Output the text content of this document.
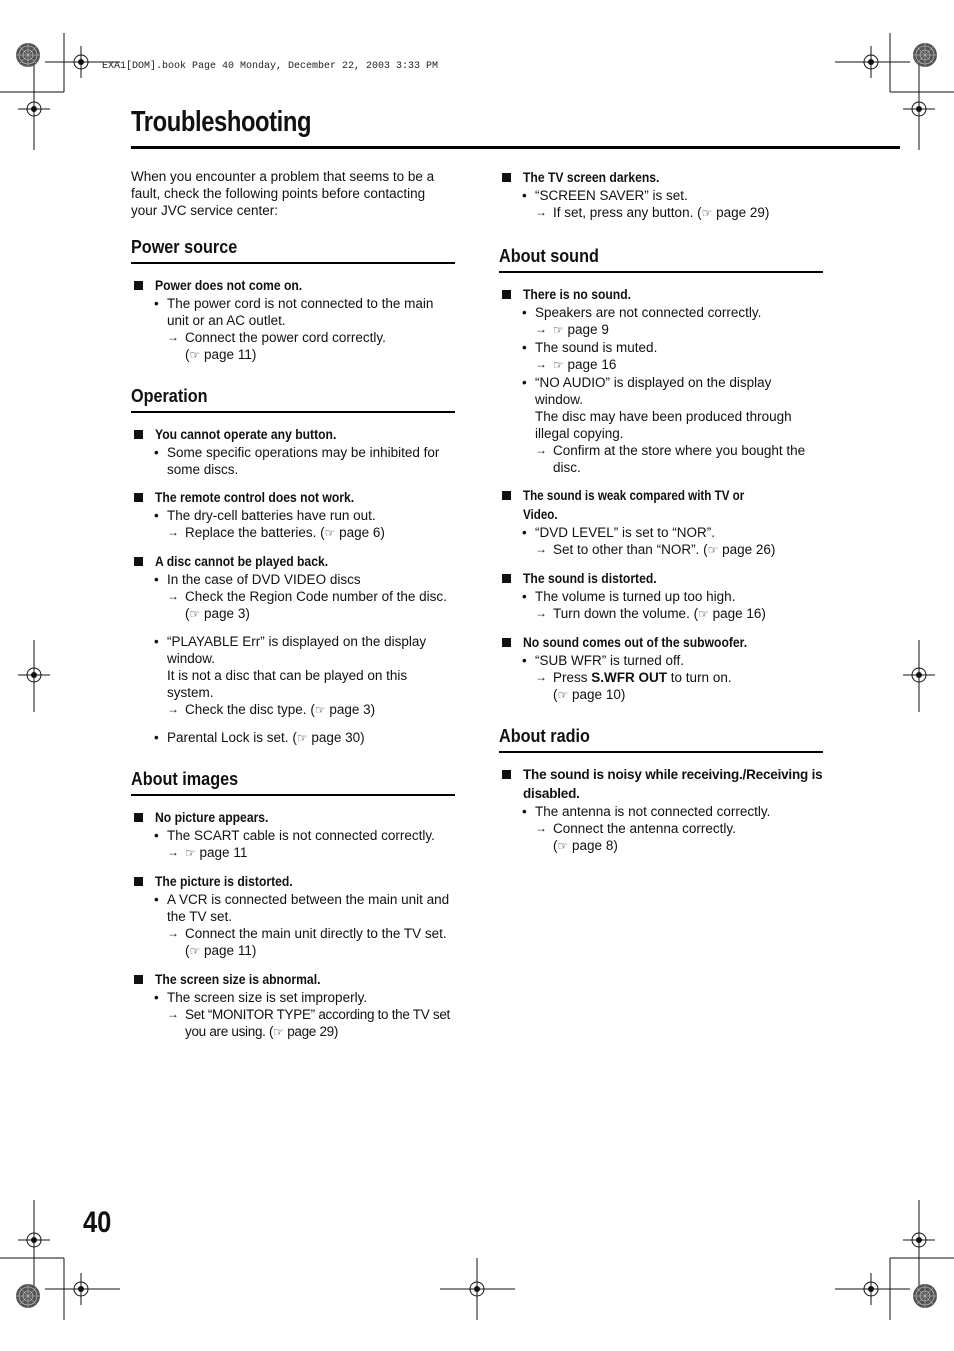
EXA1[DOM].book Page 40 Monday, December 22, 2003 3:33 PM
Troubleshooting

When you encounter a problem that seems to be a fault, check the following points before contacting your JVC service center:

Power source
Power does not come on.
• The power cord is not connected to the main unit or an AC outlet.
→ Connect the power cord correctly.
(☞ page 11)
Operation
You cannot operate any button.
• Some specific operations may be inhibited for some discs.
The remote control does not work.
• The dry-cell batteries have run out.
→ Replace the batteries. (☞ page 6)
A disc cannot be played back.
• In the case of DVD VIDEO discs
→ Check the Region Code number of the disc. (☞ page 3)
• “PLAYABLE Err” is displayed on the display window.
It is not a disc that can be played on this system.
→ Check the disc type. (☞ page 3)
• Parental Lock is set. (☞ page 30)
About images
No picture appears.
• The SCART cable is not connected correctly.
→ ☞ page 11
The picture is distorted.
• A VCR is connected between the main unit and the TV set.
→ Connect the main unit directly to the TV set. (☞ page 11)
The screen size is abnormal.
• The screen size is set improperly.
→ Set “MONITOR TYPE” according to the TV set you are using. (☞ page 29)
The TV screen darkens.
• “SCREEN SAVER” is set.
→ If set, press any button. (☞ page 29)
About sound
There is no sound.
• Speakers are not connected correctly.
→ ☞ page 9
• The sound is muted.
→ ☞ page 16
• “NO AUDIO” is displayed on the display window.
The disc may have been produced through illegal copying.
→ Confirm at the store where you bought the disc.
The sound is weak compared with TV or Video.
• “DVD LEVEL” is set to “NOR”.
→ Set to other than “NOR”. (☞ page 26)
The sound is distorted.
• The volume is turned up too high.
→ Turn down the volume. (☞ page 16)
No sound comes out of the subwoofer.
• “SUB WFR” is turned off.
→ Press S.WFR OUT to turn on.
(☞ page 10)
About radio
The sound is noisy while receiving./Receiving is disabled.
• The antenna is not connected correctly.
→ Connect the antenna correctly.
(☞ page 8)
40
